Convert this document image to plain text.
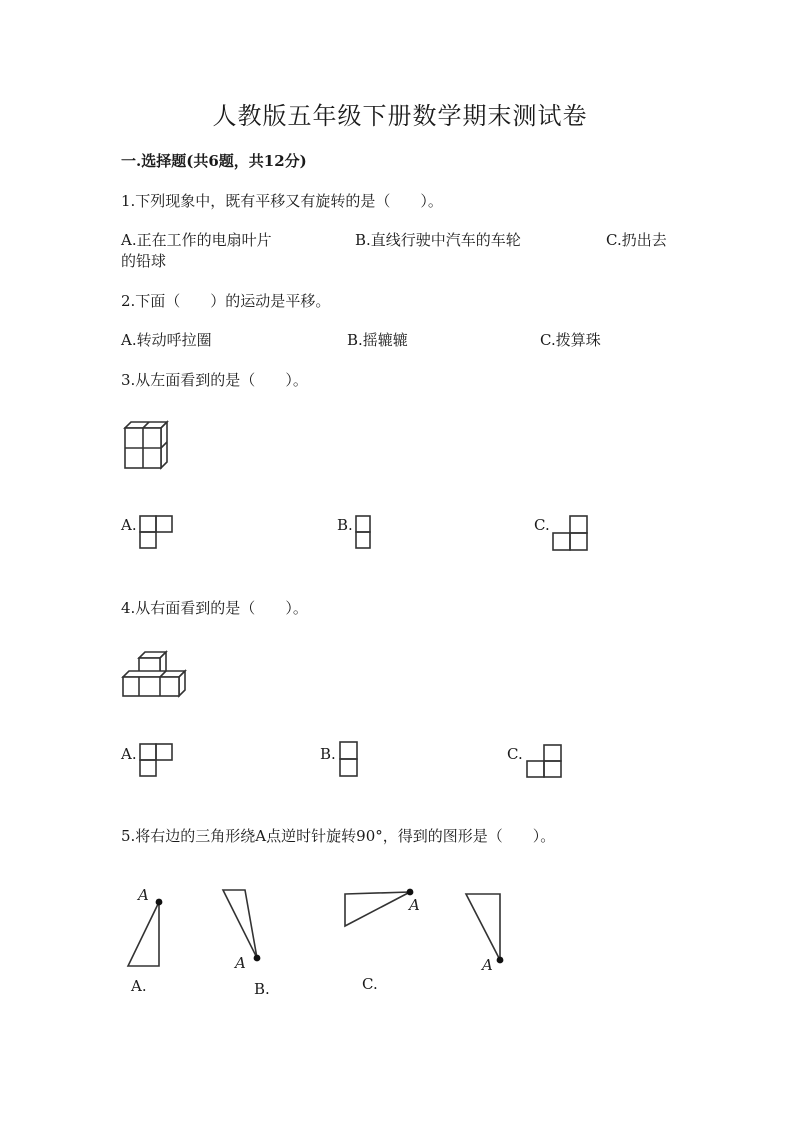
人教版五年级下册数学期末测试卷
一.选择题(共6题，共12分)
1.下列现象中，既有平移又有旋转的是（　　）。
A.正在工作的电扇叶片	B.直线行驶中汽车的车轮	C.扔出去
的铅球
2.下面（　　）的运动是平移。
A.转动呼拉圈	B.摇辘辘	C.拨算珠
3.从左面看到的是（　　）。
A.	B.	C.
4.从右面看到的是（　　）。
A.	B.	C.
5.将右边的三角形绕A点逆时针旋转90°，得到的图形是（　　）。
A
A.
A
B.
A
C.
A
